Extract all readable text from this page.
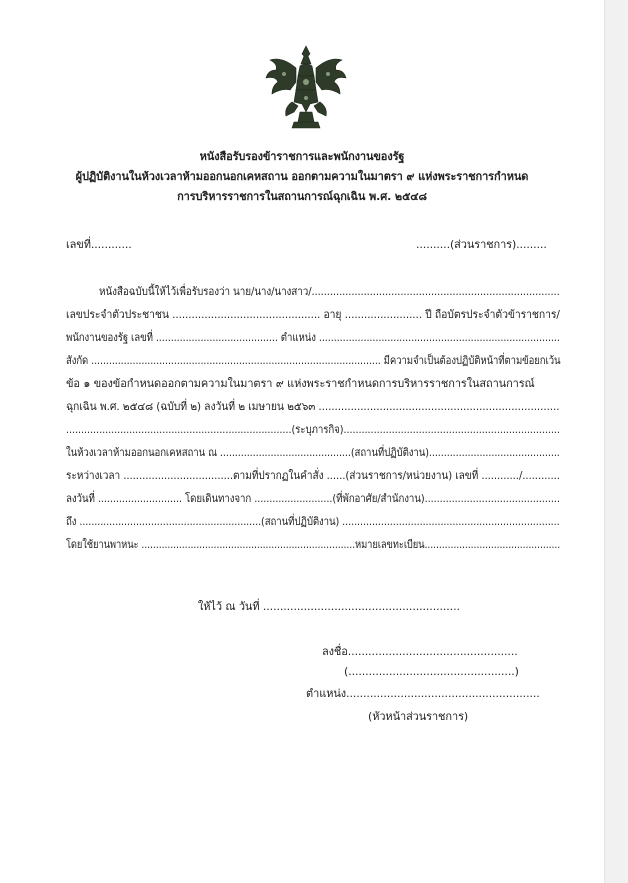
หนังสือรับรองข้าราชการและพนักงานของรัฐ
ผู้ปฏิบัติงานในห้วงเวลาห้ามออกนอกเคหสถาน ออกตามความในมาตรา ๙ แห่งพระราชการกำหนด
การบริหารราชการในสถานการณ์ฉุกเฉิน พ.ศ. ๒๕๔๘
เลขที่............	..........(ส่วนราชการ).........
หนังสือฉบับนี้ให้ไว้เพื่อรับรองว่า นาย/นาง/นางสาว/.................................................................................
เลขประจำตัวประชาชน .............................................. อายุ ........................ ปี ถือบัตรประจำตัวข้าราชการ/
พนักงานของรัฐ เลขที่ ......................................... ตำแหน่ง .................................................................................
สังกัด .................................................................................................. มีความจำเป็นต้องปฏิบัติหน้าที่ตามข้อยกเว้น
ข้อ ๑ ของข้อกำหนดออกตามความในมาตรา ๙ แห่งพระราชกำหนดการบริหารราชการในสถานการณ์
ฉุกเฉิน พ.ศ. ๒๕๔๘ (ฉบับที่ ๒) ลงวันที่ ๒ เมษายน ๒๕๖๓ ...........................................................................
...........................................................................(ระบุภารกิจ)........................................................................
ในห้วงเวลาห้ามออกนอกเคหสถาน ณ ............................................(สถานที่ปฏิบัติงาน)............................................
ระหว่างเวลา ...................................ตามที่ปรากฏในคำสั่ง ......(ส่วนราชการ/หน่วยงาน) เลขที่ ............/............
ลงวันที่ ............................ โดยเดินทางจาก ..........................(ที่พักอาศัย/สำนักงาน).............................................
ถึง .............................................................(สถานที่ปฏิบัติงาน) .........................................................................
โดยใช้ยานพาหนะ ..........................................................................หมายเลขทะเบียน...............................................
ให้ไว้ ณ วันที่ ..........................................................
ลงชื่อ..................................................
(.................................................)
ตำแหน่ง.........................................................
(หัวหน้าส่วนราชการ)
